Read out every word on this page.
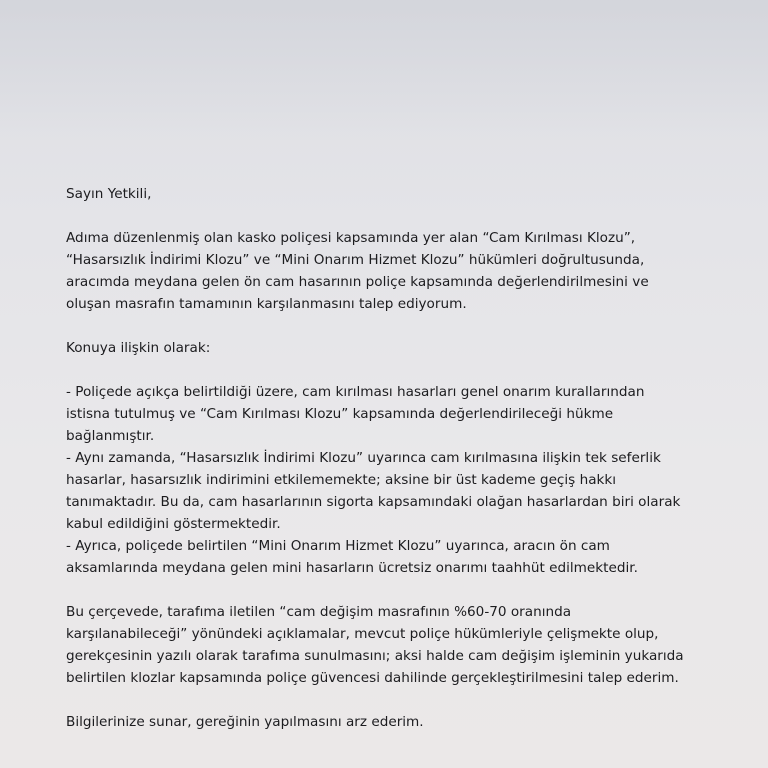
Sayın Yetkili,

Adıma düzenlenmiş olan kasko poliçesi kapsamında yer alan “Cam Kırılması Klozu”,

“Hasarsızlık İndirimi Klozu” ve “Mini Onarım Hizmet Klozu” hükümleri doğrultusunda,

aracımda meydana gelen ön cam hasarının poliçe kapsamında değerlendirilmesini ve

oluşan masrafın tamamının karşılanmasını talep ediyorum.

Konuya ilişkin olarak:

- Poliçede açıkça belirtildiği üzere, cam kırılması hasarları genel onarım kurallarından

istisna tutulmuş ve “Cam Kırılması Klozu” kapsamında değerlendirileceği hükme

bağlanmıştır.

- Aynı zamanda, “Hasarsızlık İndirimi Klozu” uyarınca cam kırılmasına ilişkin tek seferlik

hasarlar, hasarsızlık indirimini etkilememekte; aksine bir üst kademe geçiş hakkı

tanımaktadır. Bu da, cam hasarlarının sigorta kapsamındaki olağan hasarlardan biri olarak

kabul edildiğini göstermektedir.

- Ayrıca, poliçede belirtilen “Mini Onarım Hizmet Klozu” uyarınca, aracın ön cam

aksamlarında meydana gelen mini hasarların ücretsiz onarımı taahhüt edilmektedir.

Bu çerçevede, tarafıma iletilen “cam değişim masrafının %60-70 oranında

karşılanabileceği” yönündeki açıklamalar, mevcut poliçe hükümleriyle çelişmekte olup,

gerekçesinin yazılı olarak tarafıma sunulmasını; aksi halde cam değişim işleminin yukarıda

belirtilen klozlar kapsamında poliçe güvencesi dahilinde gerçekleştirilmesini talep ederim.

Bilgilerinize sunar, gereğinin yapılmasını arz ederim.
